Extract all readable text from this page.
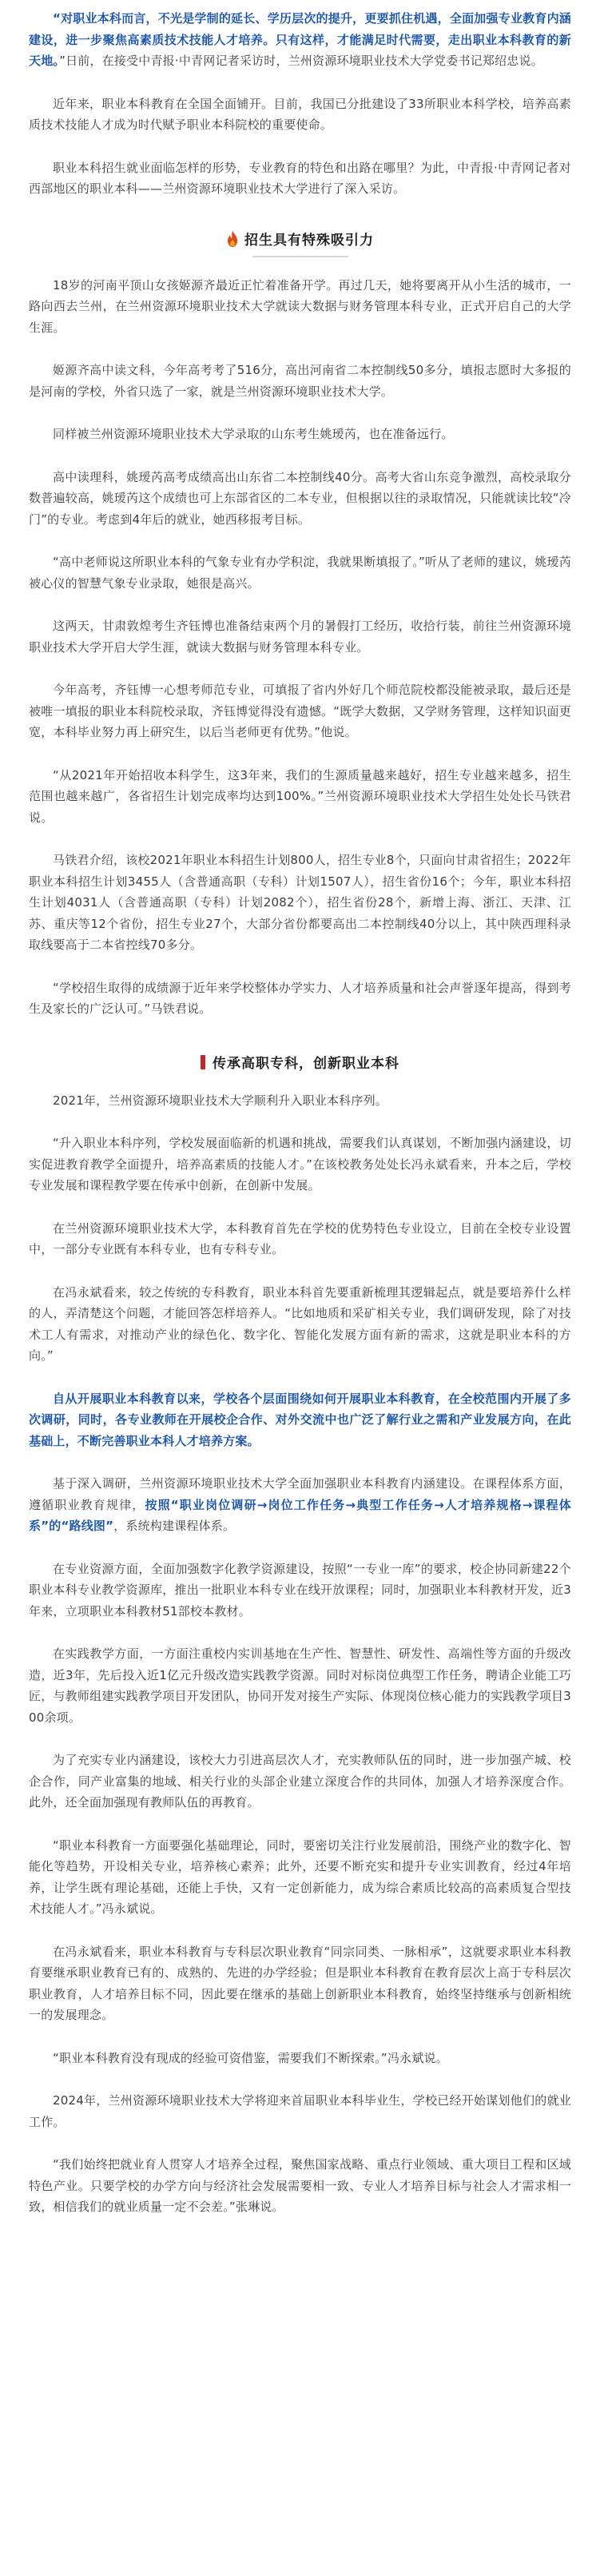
“对职业本科而言，不光是学制的延长、学历层次的提升，更要抓住机遇，全面加强专业教育内涵建设，进一步聚焦高素质技术技能人才培养。只有这样，才能满足时代需要，走出职业本科教育的新天地。”日前，在接受中青报·中青网记者采访时，兰州资源环境职业技术大学党委书记郑绍忠说。

近年来，职业本科教育在全国全面铺开。目前，我国已分批建设了33所职业本科学校，培养高素质技术技能人才成为时代赋予职业本科院校的重要使命。

职业本科招生就业面临怎样的形势，专业教育的特色和出路在哪里？为此，中青报·中青网记者对西部地区的职业本科——兰州资源环境职业技术大学进行了深入采访。

招生具有特殊吸引力

18岁的河南平顶山女孩姬源齐最近正忙着准备开学。再过几天，她将要离开从小生活的城市，一路向西去兰州，在兰州资源环境职业技术大学就读大数据与财务管理本科专业，正式开启自己的大学生涯。

姬源齐高中读文科，今年高考考了516分，高出河南省二本控制线50多分，填报志愿时大多报的是河南的学校，外省只选了一家，就是兰州资源环境职业技术大学。

同样被兰州资源环境职业技术大学录取的山东考生姚瑷芮，也在准备远行。

高中读理科，姚瑷芮高考成绩高出山东省二本控制线40分。高考大省山东竞争激烈，高校录取分数普遍较高，姚瑷芮这个成绩也可上东部省区的二本专业，但根据以往的录取情况，只能就读比较“冷门”的专业。考虑到4年后的就业，她西移报考目标。

“高中老师说这所职业本科的气象专业有办学积淀，我就果断填报了。”听从了老师的建议，姚瑷芮被心仪的智慧气象专业录取，她很是高兴。

这两天，甘肃敦煌考生齐钰博也准备结束两个月的暑假打工经历，收拾行装，前往兰州资源环境职业技术大学开启大学生涯，就读大数据与财务管理本科专业。

今年高考，齐钰博一心想考师范专业，可填报了省内外好几个师范院校都没能被录取，最后还是被唯一填报的职业本科院校录取，齐钰博觉得没有遗憾。“既学大数据，又学财务管理，这样知识面更宽，本科毕业努力再上研究生，以后当老师更有优势。”他说。

“从2021年开始招收本科学生，这3年来，我们的生源质量越来越好，招生专业越来越多，招生范围也越来越广，各省招生计划完成率均达到100%。”兰州资源环境职业技术大学招生处处长马铁君说。

马铁君介绍，该校2021年职业本科招生计划800人，招生专业8个，只面向甘肃省招生；2022年职业本科招生计划3455人（含普通高职（专科）计划1507人），招生省份16个；今年，职业本科招生计划4031人（含普通高职（专科）计划2082个），招生省份28个，新增上海、浙江、天津、江苏、重庆等12个省份，招生专业27个，大部分省份都要高出二本控制线40分以上，其中陕西理科录取线要高于二本省控线70多分。

“学校招生取得的成绩源于近年来学校整体办学实力、人才培养质量和社会声誉逐年提高，得到考生及家长的广泛认可。”马铁君说。

传承高职专科，创新职业本科

2021年，兰州资源环境职业技术大学顺利升入职业本科序列。

“升入职业本科序列，学校发展面临新的机遇和挑战，需要我们认真谋划，不断加强内涵建设，切实促进教育教学全面提升，培养高素质的技能人才。”在该校教务处处长冯永斌看来，升本之后，学校专业发展和课程教学要在传承中创新，在创新中发展。

在兰州资源环境职业技术大学，本科教育首先在学校的优势特色专业设立，目前在全校专业设置中，一部分专业既有本科专业，也有专科专业。

在冯永斌看来，较之传统的专科教育，职业本科首先要重新梳理其逻辑起点，就是要培养什么样的人，弄清楚这个问题，才能回答怎样培养人。“比如地质和采矿相关专业，我们调研发现，除了对技术工人有需求，对推动产业的绿色化、数字化、智能化发展方面有新的需求，这就是职业本科的方向。”

自从开展职业本科教育以来，学校各个层面围绕如何开展职业本科教育，在全校范围内开展了多次调研，同时，各专业教师在开展校企合作、对外交流中也广泛了解行业之需和产业发展方向，在此基础上，不断完善职业本科人才培养方案。

基于深入调研，兰州资源环境职业技术大学全面加强职业本科教育内涵建设。在课程体系方面，遵循职业教育规律，按照“职业岗位调研→岗位工作任务→典型工作任务→人才培养规格→课程体系”的“路线图”，系统构建课程体系。

在专业资源方面，全面加强数字化教学资源建设，按照“一专业一库”的要求，校企协同新建22个职业本科专业教学资源库，推出一批职业本科专业在线开放课程；同时，加强职业本科教材开发，近3年来，立项职业本科教材51部校本教材。

在实践教学方面，一方面注重校内实训基地在生产性、智慧性、研发性、高端性等方面的升级改造，近3年，先后投入近1亿元升级改造实践教学资源。同时对标岗位典型工作任务，聘请企业能工巧匠，与教师组建实践教学项目开发团队，协同开发对接生产实际、体现岗位核心能力的实践教学项目300余项。

为了充实专业内涵建设，该校大力引进高层次人才，充实教师队伍的同时，进一步加强产城、校企合作，同产业富集的地域、相关行业的头部企业建立深度合作的共同体，加强人才培养深度合作。此外，还全面加强现有教师队伍的再教育。

“职业本科教育一方面要强化基础理论，同时，要密切关注行业发展前沿，围绕产业的数字化、智能化等趋势，开设相关专业，培养核心素养；此外，还要不断充实和提升专业实训教育，经过4年培养，让学生既有理论基础，还能上手快，又有一定创新能力，成为综合素质比较高的高素质复合型技术技能人才。”冯永斌说。

在冯永斌看来，职业本科教育与专科层次职业教育“同宗同类、一脉相承”，这就要求职业本科教育要继承职业教育已有的、成熟的、先进的办学经验；但是职业本科教育在教育层次上高于专科层次职业教育，人才培养目标不同，因此要在继承的基础上创新职业本科教育，始终坚持继承与创新相统一的发展理念。

“职业本科教育没有现成的经验可资借鉴，需要我们不断探索。”冯永斌说。

2024年，兰州资源环境职业技术大学将迎来首届职业本科毕业生，学校已经开始谋划他们的就业工作。

“我们始终把就业育人贯穿人才培养全过程，聚焦国家战略、重点行业领域、重大项目工程和区域特色产业。只要学校的办学方向与经济社会发展需要相一致、专业人才培养目标与社会人才需求相一致，相信我们的就业质量一定不会差。”张琳说。
